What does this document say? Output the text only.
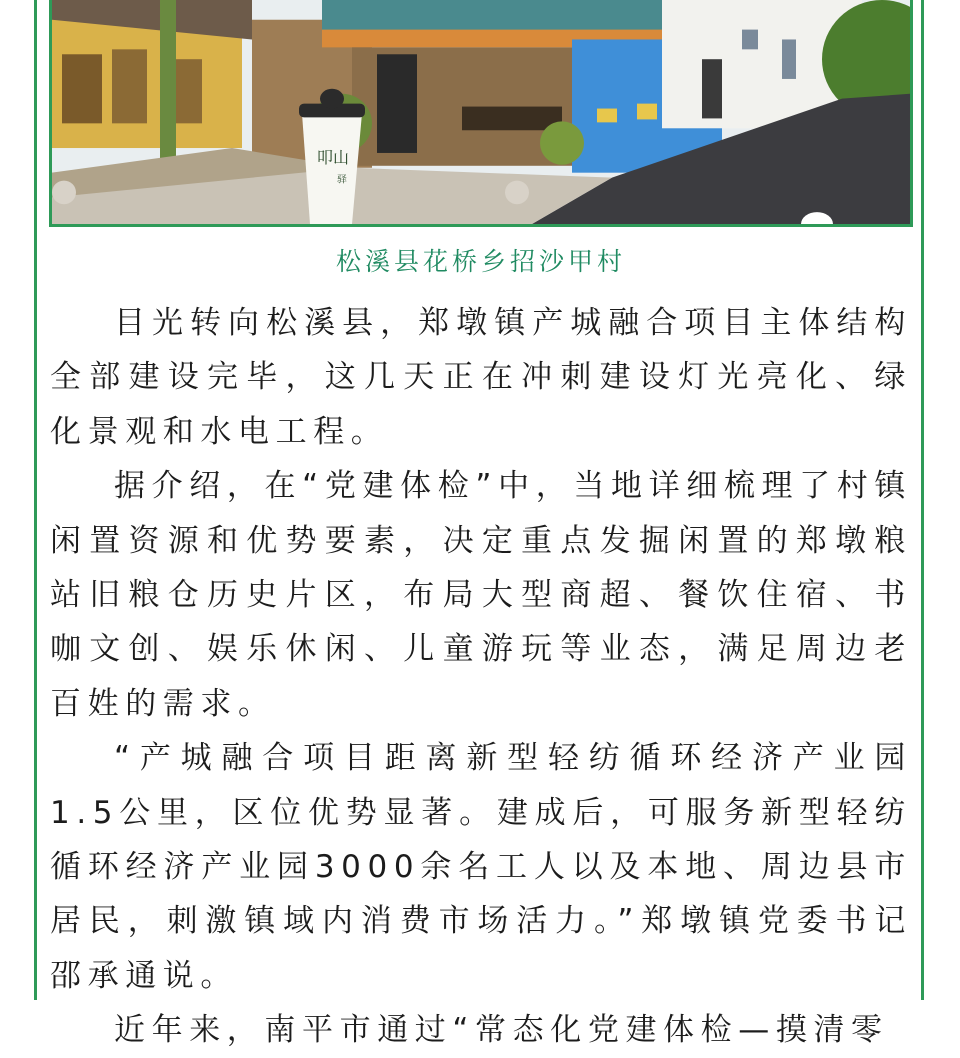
叩山
驿
松溪县花桥乡招沙甲村

目光转向松溪县，郑墩镇产城融合项目主体结构全部建设完毕，这几天正在冲刺建设灯光亮化、绿化景观和水电工程。

据介绍，在“党建体检”中，当地详细梳理了村镇闲置资源和优势要素，决定重点发掘闲置的郑墩粮站旧粮仓历史片区，布局大型商超、餐饮住宿、书咖文创、娱乐休闲、儿童游玩等业态，满足周边老百姓的需求。

“产城融合项目距离新型轻纺循环经济产业园1.5公里，区位优势显著。建成后，可服务新型轻纺循环经济产业园3000余名工人以及本地、周边县市居民，刺激镇域内消费市场活力。”郑墩镇党委书记邵承通说。

近年来，南平市通过“常态化党建体检—摸清零
